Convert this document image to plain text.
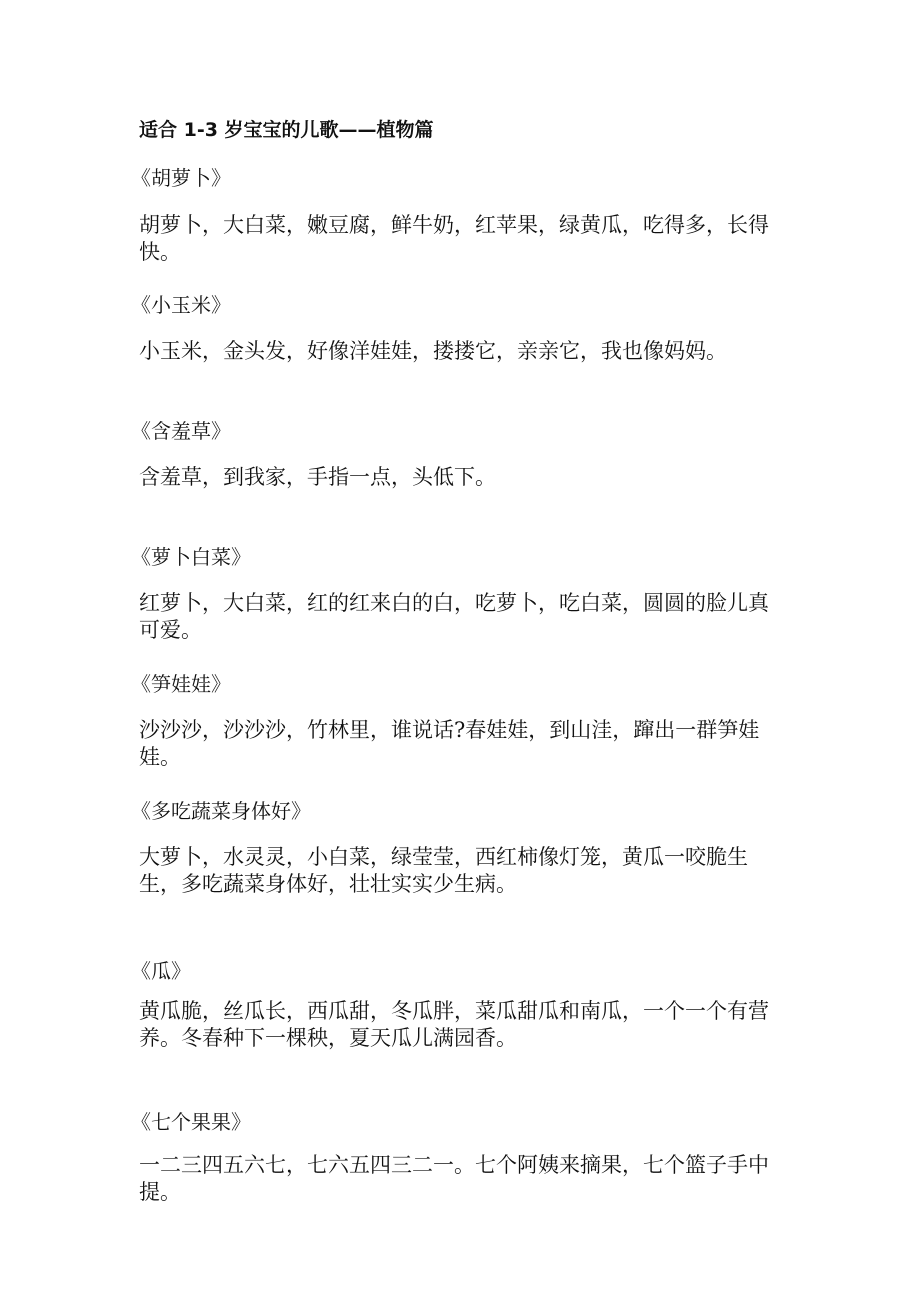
适合 1-3 岁宝宝的儿歌——植物篇
《胡萝卜》
胡萝卜，大白菜，嫩豆腐，鲜牛奶，红苹果，绿黄瓜，吃得多，长得快。
《小玉米》
小玉米，金头发，好像洋娃娃，搂搂它，亲亲它，我也像妈妈。
《含羞草》
含羞草，到我家，手指一点，头低下。
《萝卜白菜》
红萝卜，大白菜，红的红来白的白，吃萝卜，吃白菜，圆圆的脸儿真可爱。
《笋娃娃》
沙沙沙，沙沙沙，竹林里，谁说话?春娃娃，到山洼，蹿出一群笋娃娃。
《多吃蔬菜身体好》
大萝卜，水灵灵，小白菜，绿莹莹，西红柿像灯笼，黄瓜一咬脆生生，多吃蔬菜身体好，壮壮实实少生病。
《瓜》
黄瓜脆，丝瓜长，西瓜甜，冬瓜胖，菜瓜甜瓜和南瓜，一个一个有营养。冬春种下一棵秧，夏天瓜儿满园香。
《七个果果》
一二三四五六七，七六五四三二一。七个阿姨来摘果，七个篮子手中提。
